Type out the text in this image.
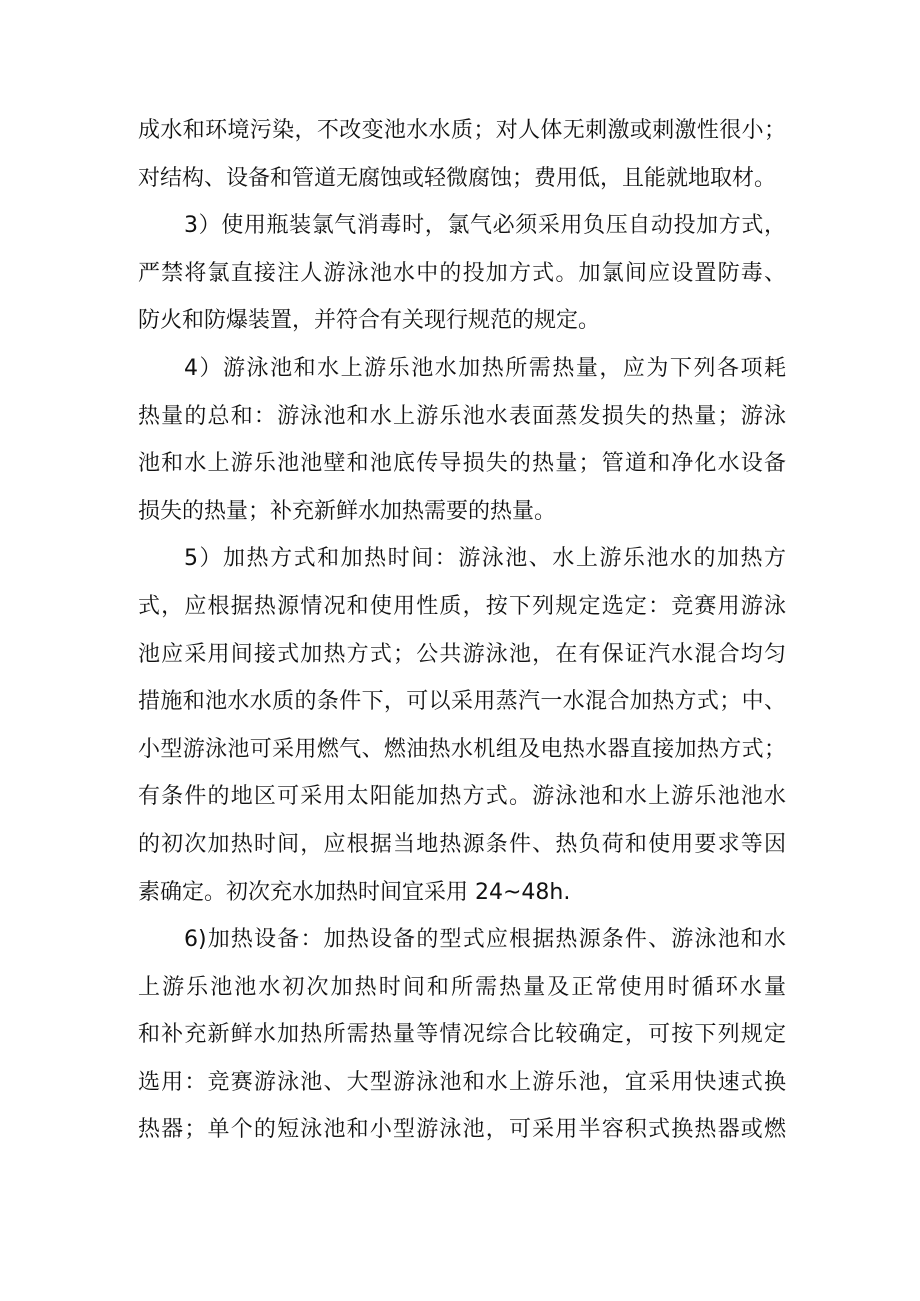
成水和环境污染，不改变池水水质；对人体无刺激或刺激性很小；
对结构、设备和管道无腐蚀或轻微腐蚀；费用低，且能就地取材。

3）使用瓶装氯气消毒时，氯气必须采用负压自动投加方式，
严禁将氯直接注人游泳池水中的投加方式。加氯间应设置防毒、
防火和防爆装置，并符合有关现行规范的规定。

4）游泳池和水上游乐池水加热所需热量，应为下列各项耗
热量的总和：游泳池和水上游乐池水表面蒸发损失的热量；游泳
池和水上游乐池池壁和池底传导损失的热量；管道和净化水设备
损失的热量；补充新鲜水加热需要的热量。

5）加热方式和加热时间：游泳池、水上游乐池水的加热方
式，应根据热源情况和使用性质，按下列规定选定：竞赛用游泳
池应采用间接式加热方式；公共游泳池，在有保证汽水混合均匀
措施和池水水质的条件下，可以采用蒸汽一水混合加热方式；中、
小型游泳池可采用燃气、燃油热水机组及电热水器直接加热方式；
有条件的地区可采用太阳能加热方式。游泳池和水上游乐池池水
的初次加热时间，应根据当地热源条件、热负荷和使用要求等因
素确定。初次充水加热时间宜采用 24~48h.

6)加热设备：加热设备的型式应根据热源条件、游泳池和水
上游乐池池水初次加热时间和所需热量及正常使用时循环水量
和补充新鲜水加热所需热量等情况综合比较确定，可按下列规定
选用：竞赛游泳池、大型游泳池和水上游乐池，宜采用快速式换
热器；单个的短泳池和小型游泳池，可采用半容积式换热器或燃
